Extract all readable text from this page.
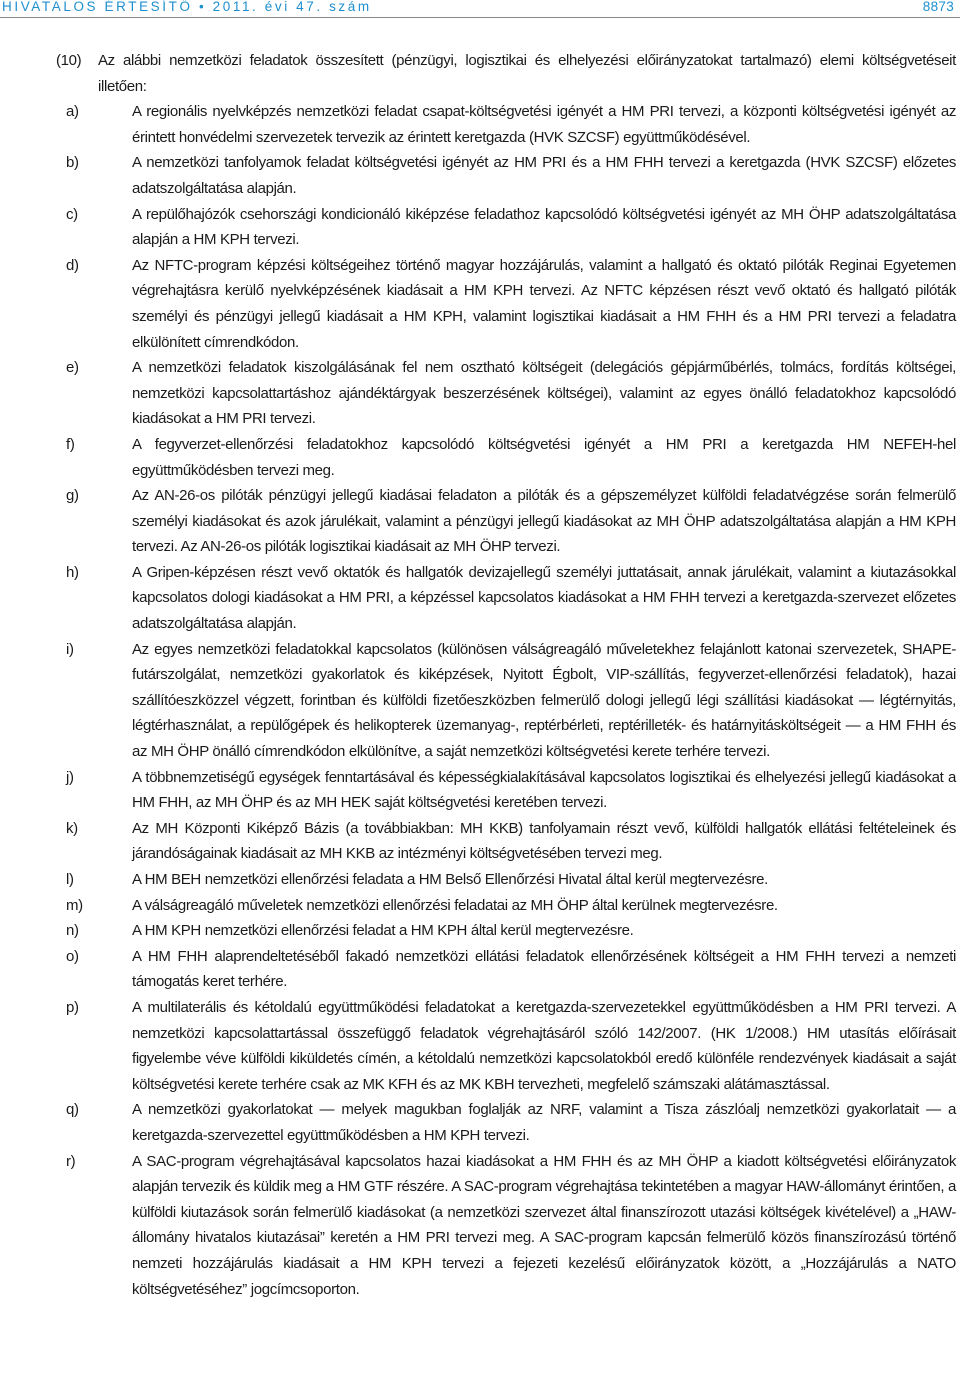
HIVATALOS ÉRTESÍTŐ • 2011. évi 47. szám	8873
(10)	Az alábbi nemzetközi feladatok összesített (pénzügyi, logisztikai és elhelyezési előirányzatokat tartalmazó) elemi költségvetéseit illetően:
a)	A regionális nyelvképzés nemzetközi feladat csapat-költségvetési igényét a HM PRI tervezi, a központi költségvetési igényét az érintett honvédelmi szervezetek tervezik az érintett keretgazda (HVK SZCSF) együttműködésével.
b)	A nemzetközi tanfolyamok feladat költségvetési igényét az HM PRI és a HM FHH tervezi a keretgazda (HVK SZCSF) előzetes adatszolgáltatása alapján.
c)	A repülőhajózók csehországi kondicionáló kiképzése feladathoz kapcsolódó költségvetési igényét az MH ÖHP adatszolgáltatása alapján a HM KPH tervezi.
d)	Az NFTC-program képzési költségeihez történő magyar hozzájárulás, valamint a hallgató és oktató pilóták Reginai Egyetemen végrehajtásra kerülő nyelvképzésének kiadásait a HM KPH tervezi. Az NFTC képzésen részt vevő oktató és hallgató pilóták személyi és pénzügyi jellegű kiadásait a HM KPH, valamint logisztikai kiadásait a HM FHH és a HM PRI tervezi a feladatra elkülönített címrendkódon.
e)	A nemzetközi feladatok kiszolgálásának fel nem osztható költségeit (delegációs gépjárműbérlés, tolmács, fordítás költségei, nemzetközi kapcsolattartáshoz ajándéktárgyak beszerzésének költségei), valamint az egyes önálló feladatokhoz kapcsolódó kiadásokat a HM PRI tervezi.
f)	A fegyverzet-ellenőrzési feladatokhoz kapcsolódó költségvetési igényét a HM PRI a keretgazda HM NEFEH-hel együttműködésben tervezi meg.
g)	Az AN-26-os pilóták pénzügyi jellegű kiadásai feladaton a pilóták és a gépszemélyzet külföldi feladatvégzése során felmerülő személyi kiadásokat és azok járulékait, valamint a pénzügyi jellegű kiadásokat az MH ÖHP adatszolgáltatása alapján a HM KPH tervezi. Az AN-26-os pilóták logisztikai kiadásait az MH ÖHP tervezi.
h)	A Gripen-képzésen részt vevő oktatók és hallgatók devizajellegű személyi juttatásait, annak járulékait, valamint a kiutazásokkal kapcsolatos dologi kiadásokat a HM PRI, a képzéssel kapcsolatos kiadásokat a HM FHH tervezi a keretgazda-szervezet előzetes adatszolgáltatása alapján.
i)	Az egyes nemzetközi feladatokkal kapcsolatos (különösen válságreagáló műveletekhez felajánlott katonai szervezetek, SHAPE-futárszolgálat, nemzetközi gyakorlatok és kiképzések, Nyitott Égbolt, VIP-szállítás, fegyverzet-ellenőrzési feladatok), hazai szállítóeszközzel végzett, forintban és külföldi fizetőeszközben felmerülő dologi jellegű légi szállítási kiadásokat — légtérnyitás, légtérhasználat, a repülőgépek és helikopterek üzemanyag-, reptérbérleti, reptérilleték- és határnyitásköltségeit — a HM FHH és az MH ÖHP önálló címrendkódon elkülönítve, a saját nemzetközi költségvetési kerete terhére tervezi.
j)	A többnemzetiségű egységek fenntartásával és képességkialakításával kapcsolatos logisztikai és elhelyezési jellegű kiadásokat a HM FHH, az MH ÖHP és az MH HEK saját költségvetési keretében tervezi.
k)	Az MH Központi Kiképző Bázis (a továbbiakban: MH KKB) tanfolyamain részt vevő, külföldi hallgatók ellátási feltételeinek és járandóságainak kiadásait az MH KKB az intézményi költségvetésében tervezi meg.
l)	A HM BEH nemzetközi ellenőrzési feladata a HM Belső Ellenőrzési Hivatal által kerül megtervezésre.
m)	A válságreagáló műveletek nemzetközi ellenőrzési feladatai az MH ÖHP által kerülnek megtervezésre.
n)	A HM KPH nemzetközi ellenőrzési feladat a HM KPH által kerül megtervezésre.
o)	A HM FHH alaprendeltetéséből fakadó nemzetközi ellátási feladatok ellenőrzésének költségeit a HM FHH tervezi a nemzeti támogatás keret terhére.
p)	A multilaterális és kétoldalú együttműködési feladatokat a keretgazda-szervezetekkel együttműködésben a HM PRI tervezi. A nemzetközi kapcsolattartással összefüggő feladatok végrehajtásáról szóló 142/2007. (HK 1/2008.) HM utasítás előírásait figyelembe véve külföldi kiküldetés címén, a kétoldalú nemzetközi kapcsolatokból eredő különféle rendezvények kiadásait a saját költségvetési kerete terhére csak az MK KFH és az MK KBH tervezheti, megfelelő számszaki alátámasztással.
q)	A nemzetközi gyakorlatokat — melyek magukban foglalják az NRF, valamint a Tisza zászlóalj nemzetközi gyakorlatait — a keretgazda-szervezettel együttműködésben a HM KPH tervezi.
r)	A SAC-program végrehajtásával kapcsolatos hazai kiadásokat a HM FHH és az MH ÖHP a kiadott költségvetési előirányzatok alapján tervezik és küldik meg a HM GTF részére. A SAC-program végrehajtása tekintetében a magyar HAW-állományt érintően, a külföldi kiutazások során felmerülő kiadásokat (a nemzetközi szervezet által finanszírozott utazási költségek kivételével) a „HAW-állomány hivatalos kiutazásai” keretén a HM PRI tervezi meg. A SAC-program kapcsán felmerülő közös finanszírozású történő nemzeti hozzájárulás kiadásait a HM KPH tervezi a fejezeti kezelésű előirányzatok között, a „Hozzájárulás a NATO költségvetéséhez” jogcímcsoporton.
